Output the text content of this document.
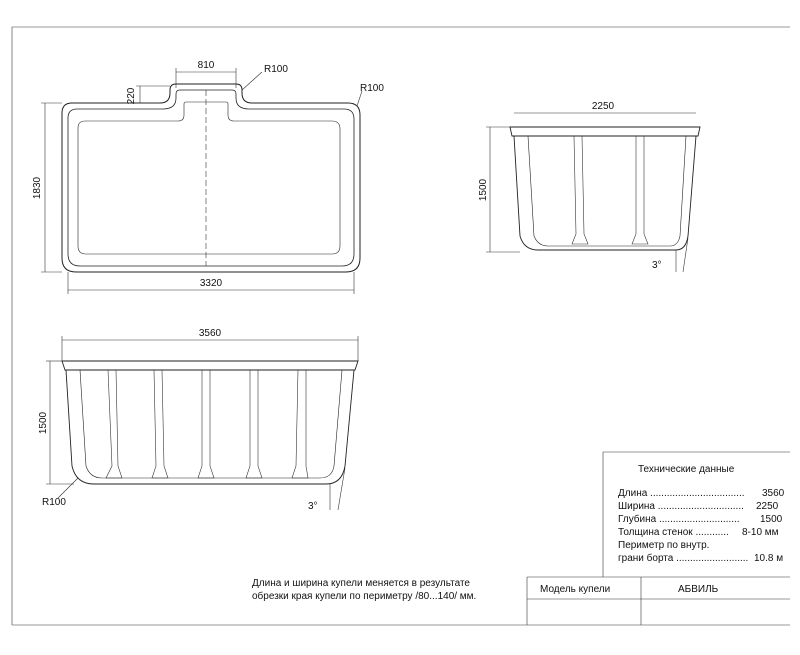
810
220
R100
R100
1830
3320
2250
1500
3°
3560
1500
R100	3°
Технические данные
Длина .................................. 3560
Ширина ............................... 2250
Глубина ............................. 1500
Толщина стенок ............ 8-10 мм
Периметр по внутр.
грани борта .......................... 10.8 м
Длина и ширина купели меняется в результате
обрезки края купели по периметру /80...140/ мм.
Модель купели	АБВИЛЬ
